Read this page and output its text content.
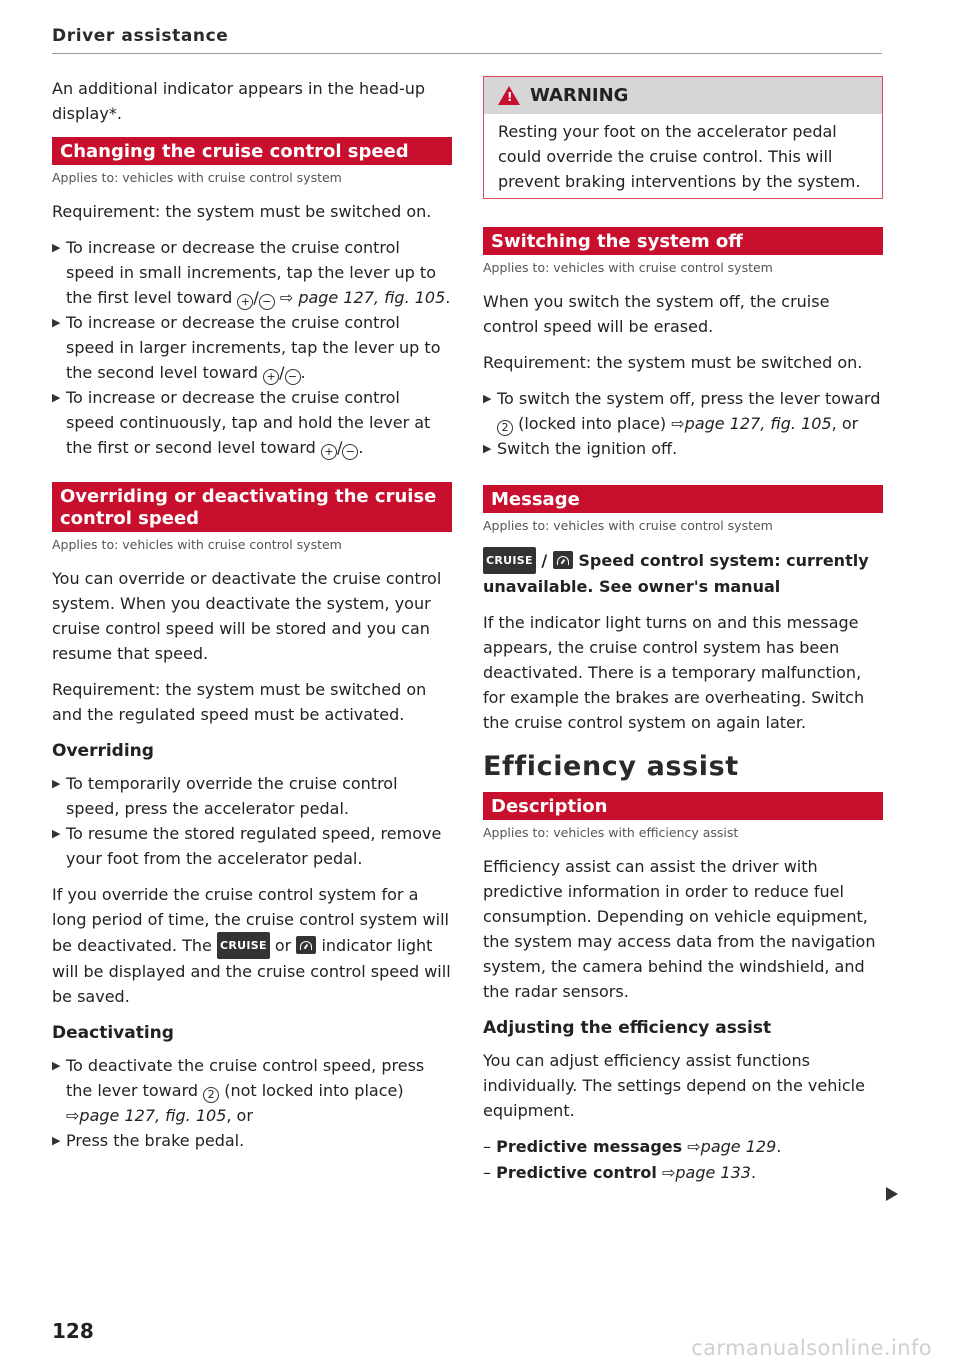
Driver assistance

An additional indicator appears in the head-up display*.

Changing the cruise control speed
Applies to: vehicles with cruise control system

Requirement: the system must be switched on.

▶ To increase or decrease the cruise control speed in small increments, tap the lever up to the first level toward + / − ⇨ page 127, fig. 105.
▶ To increase or decrease the cruise control speed in larger increments, tap the lever up to the second level toward + / − .
▶ To increase or decrease the cruise control speed continuously, tap and hold the lever at the first or second level toward + / − .
Overriding or deactivating the cruise control speed
Applies to: vehicles with cruise control system

You can override or deactivate the cruise control system. When you deactivate the system, your cruise control speed will be stored and you can resume that speed.

Requirement: the system must be switched on and the regulated speed must be activated.

Overriding
▶ To temporarily override the cruise control speed, press the accelerator pedal.
▶ To resume the stored regulated speed, remove your foot from the accelerator pedal.

If you override the cruise control system for a long period of time, the cruise control system will be deactivated. The CRUISE or indicator light will be displayed and the cruise control speed will be saved.

Deactivating
▶ To deactivate the cruise control speed, press the lever toward 2 (not locked into place) ⇨page 127, fig. 105, or
▶ Press the brake pedal.
!
WARNING
Resting your foot on the accelerator pedal could override the cruise control. This will prevent braking interventions by the system.
Switching the system off
Applies to: vehicles with cruise control system

When you switch the system off, the cruise control speed will be erased.

Requirement: the system must be switched on.

▶ To switch the system off, press the lever toward 2 (locked into place) ⇨page 127, fig. 105, or
▶ Switch the ignition off.
Message
Applies to: vehicles with cruise control system
CRUISE / Speed control system: currently unavailable. See owner's manual

If the indicator light turns on and this message appears, the cruise control system has been deactivated. There is a temporary malfunction, for example the brakes are overheating. Switch the cruise control system on again later.

Efficiency assist
Description
Applies to: vehicles with efficiency assist

Efficiency assist can assist the driver with predictive information in order to reduce fuel consumption. Depending on vehicle equipment, the system may access data from the navigation system, the camera behind the windshield, and the radar sensors.

Adjusting the efficiency assist

You can adjust efficiency assist functions individually. The settings depend on the vehicle equipment.

– Predictive messages ⇨page 129.
– Predictive control ⇨page 133.
128
carmanualsonline.info
